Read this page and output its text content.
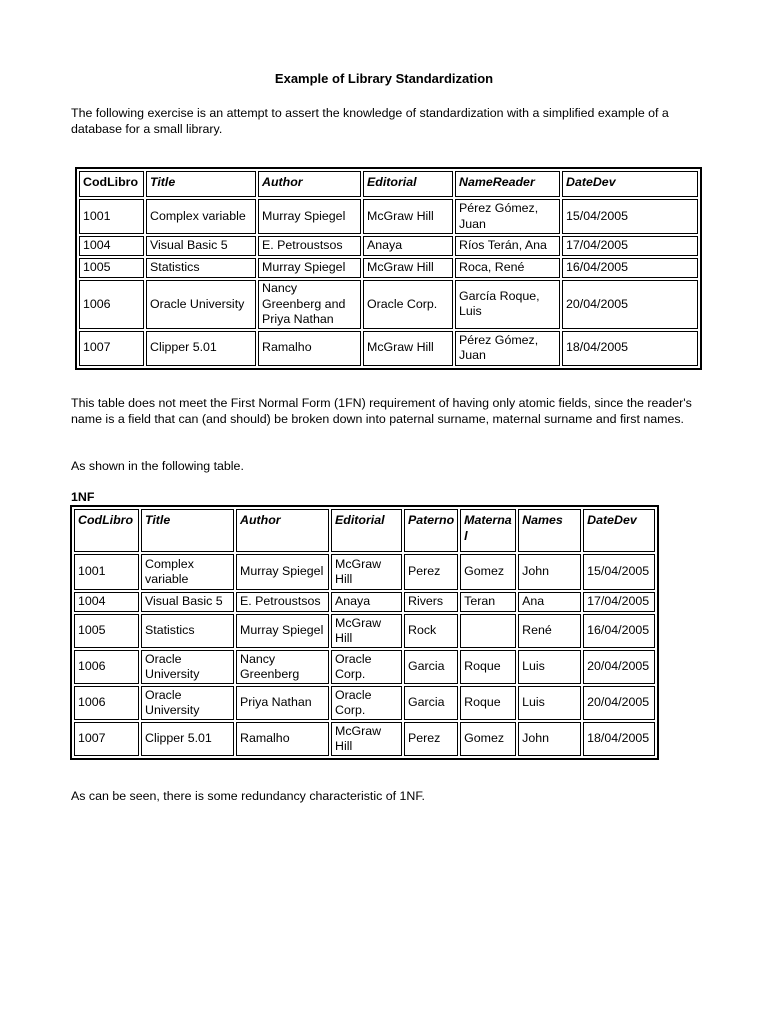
Example of Library Standardization
The following exercise is an attempt to assert the knowledge of standardization with a simplified example of a database for a small library.
CodLibro	Title	Author	Editorial	NameReader	DateDev
1001	Complex variable	Murray Spiegel	McGraw Hill	Pérez Gómez, Juan	15/04/2005
1004	Visual Basic 5	E. Petroustsos	Anaya	Ríos Terán, Ana	17/04/2005
1005	Statistics	Murray Spiegel	McGraw Hill	Roca, René	16/04/2005
1006	Oracle University	Nancy Greenberg and Priya Nathan	Oracle Corp.	García Roque, Luis	20/04/2005
1007	Clipper 5.01	Ramalho	McGraw Hill	Pérez Gómez, Juan	18/04/2005
This table does not meet the First Normal Form (1FN) requirement of having only atomic fields, since the reader's name is a field that can (and should) be broken down into paternal surname, maternal surname and first names.
As shown in the following table.
1NF
CodLibro	Title	Author	Editorial	Paterno	Materna l	Names	DateDev
1001	Complex variable	Murray Spiegel	McGraw Hill	Perez	Gomez	John	15/04/2005
1004	Visual Basic 5	E. Petroustsos	Anaya	Rivers	Teran	Ana	17/04/2005
1005	Statistics	Murray Spiegel	McGraw Hill	Rock		René	16/04/2005
1006	Oracle University	Nancy Greenberg	Oracle Corp.	Garcia	Roque	Luis	20/04/2005
1006	Oracle University	Priya Nathan	Oracle Corp.	Garcia	Roque	Luis	20/04/2005
1007	Clipper 5.01	Ramalho	McGraw Hill	Perez	Gomez	John	18/04/2005
As can be seen, there is some redundancy characteristic of 1NF.
